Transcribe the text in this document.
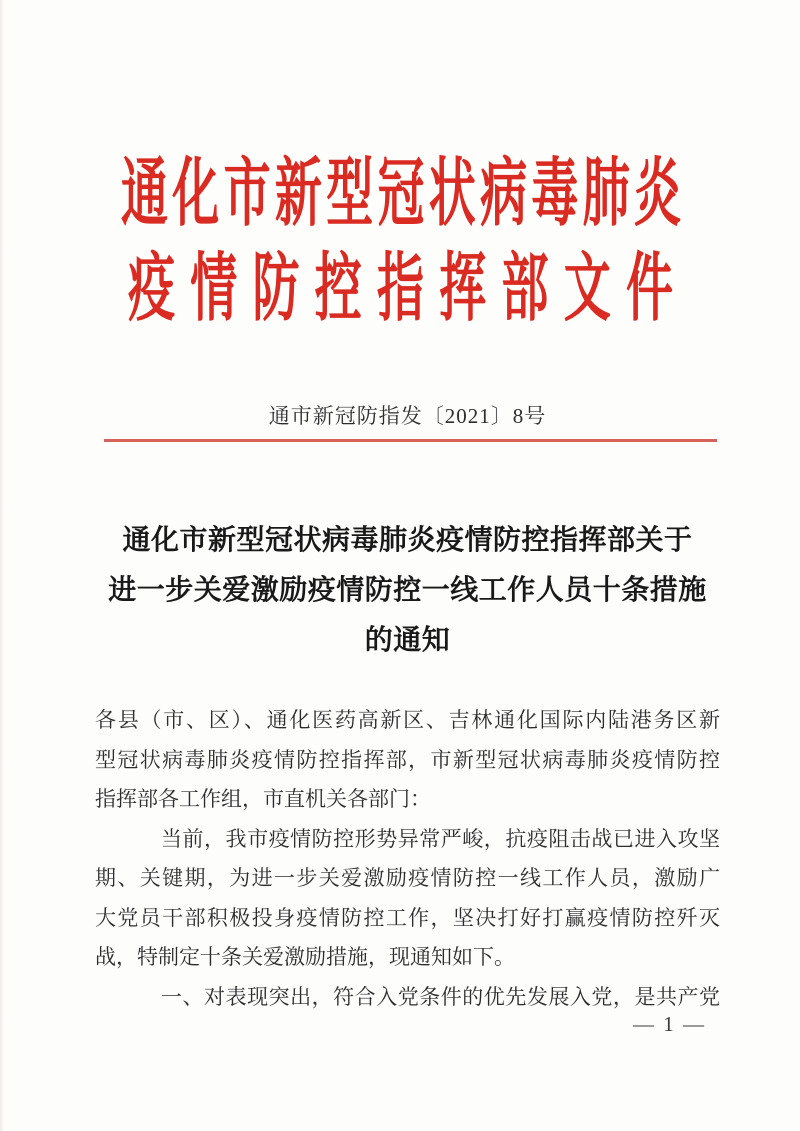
通 化 市 新 型 冠 状 病 毒 肺 炎
疫 情 防 控 指 挥 部 文 件
通市新冠防指发〔2021〕8号
通化市新型冠状病毒肺炎疫情防控指挥部关于
进一步关爱激励疫情防控一线工作人员十条措施
的通知
各县（市、区）、通化医药高新区、吉林通化国际内陆港务区新
型冠状病毒肺炎疫情防控指挥部，市新型冠状病毒肺炎疫情防控
指挥部各工作组，市直机关各部门：
当前，我市疫情防控形势异常严峻，抗疫阻击战已进入攻坚
期、关键期，为进一步关爱激励疫情防控一线工作人员，激励广
大党员干部积极投身疫情防控工作，坚决打好打赢疫情防控歼灭
战，特制定十条关爱激励措施，现通知如下。
一、对表现突出，符合入党条件的优先发展入党，是共产党
— 1 —
